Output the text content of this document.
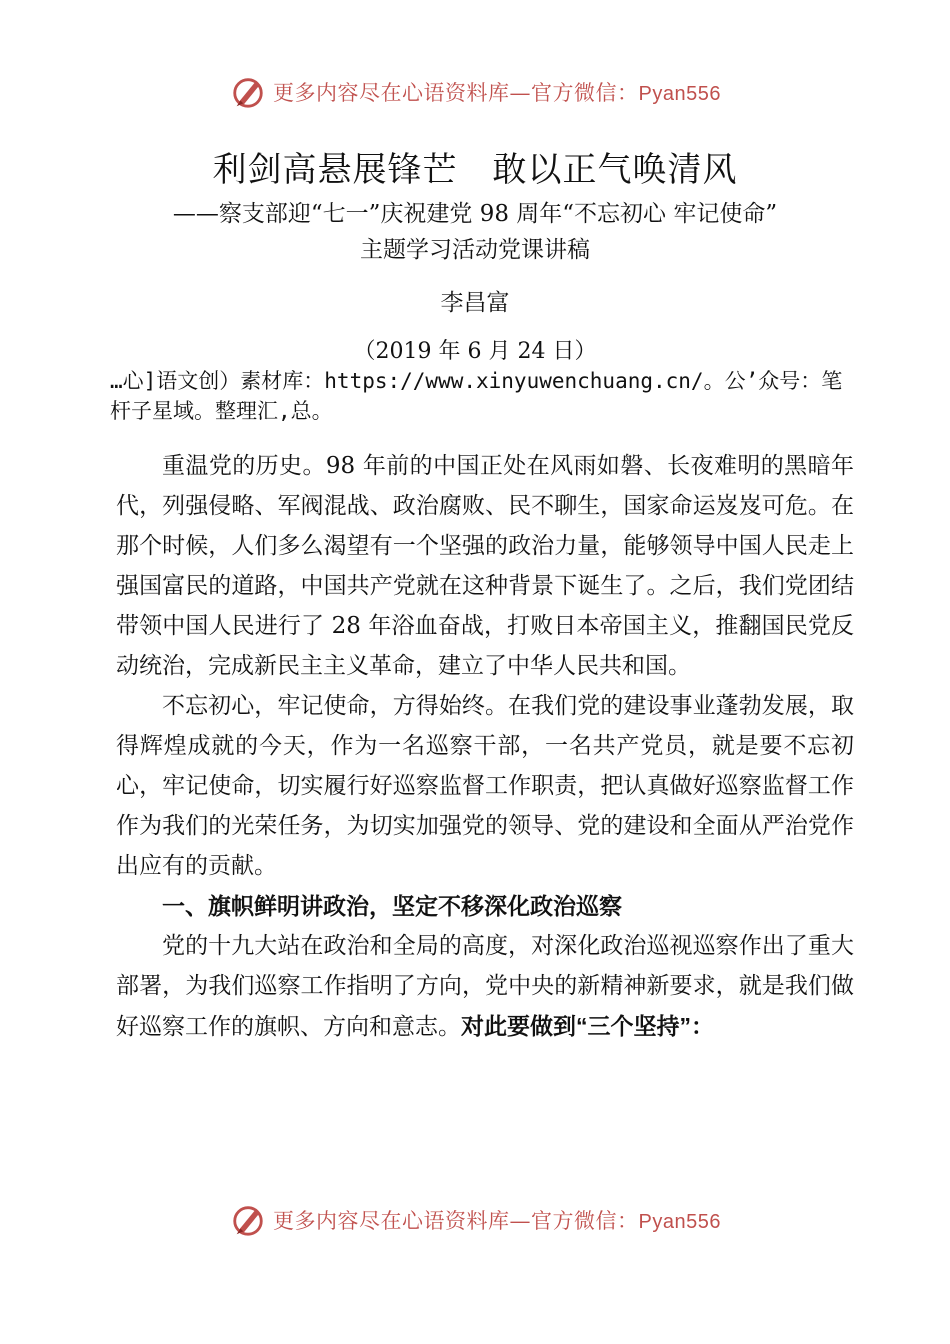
更多内容尽在心语资料库—官方微信：Pyan556
利剑高悬展锋芒　敢以正气唤清风
——察支部迎“七一”庆祝建党 98 周年“不忘初心 牢记使命”
主题学习活动党课讲稿
李昌富
（2019 年 6 月 24 日）
…心]语文创）素材库：https://www.xinyuwenchuang.cn/。公’众号：笔杆子星域。整理汇,总。

重温党的历史。98 年前的中国正处在风雨如磐、长夜难明的黑暗年代，列强侵略、军阀混战、政治腐败、民不聊生，国家命运岌岌可危。在那个时候，人们多么渴望有一个坚强的政治力量，能够领导中国人民走上强国富民的道路，中国共产党就在这种背景下诞生了。之后，我们党团结带领中国人民进行了 28 年浴血奋战，打败日本帝国主义，推翻国民党反动统治，完成新民主主义革命，建立了中华人民共和国。

不忘初心，牢记使命，方得始终。在我们党的建设事业蓬勃发展，取得辉煌成就的今天，作为一名巡察干部，一名共产党员，就是要不忘初心，牢记使命，切实履行好巡察监督工作职责，把认真做好巡察监督工作作为我们的光荣任务，为切实加强党的领导、党的建设和全面从严治党作出应有的贡献。

一、旗帜鲜明讲政治，坚定不移深化政治巡察

党的十九大站在政治和全局的高度，对深化政治巡视巡察作出了重大部署，为我们巡察工作指明了方向，党中央的新精神新要求，就是我们做好巡察工作的旗帜、方向和意志。对此要做到“三个坚持”：

更多内容尽在心语资料库—官方微信：Pyan556
